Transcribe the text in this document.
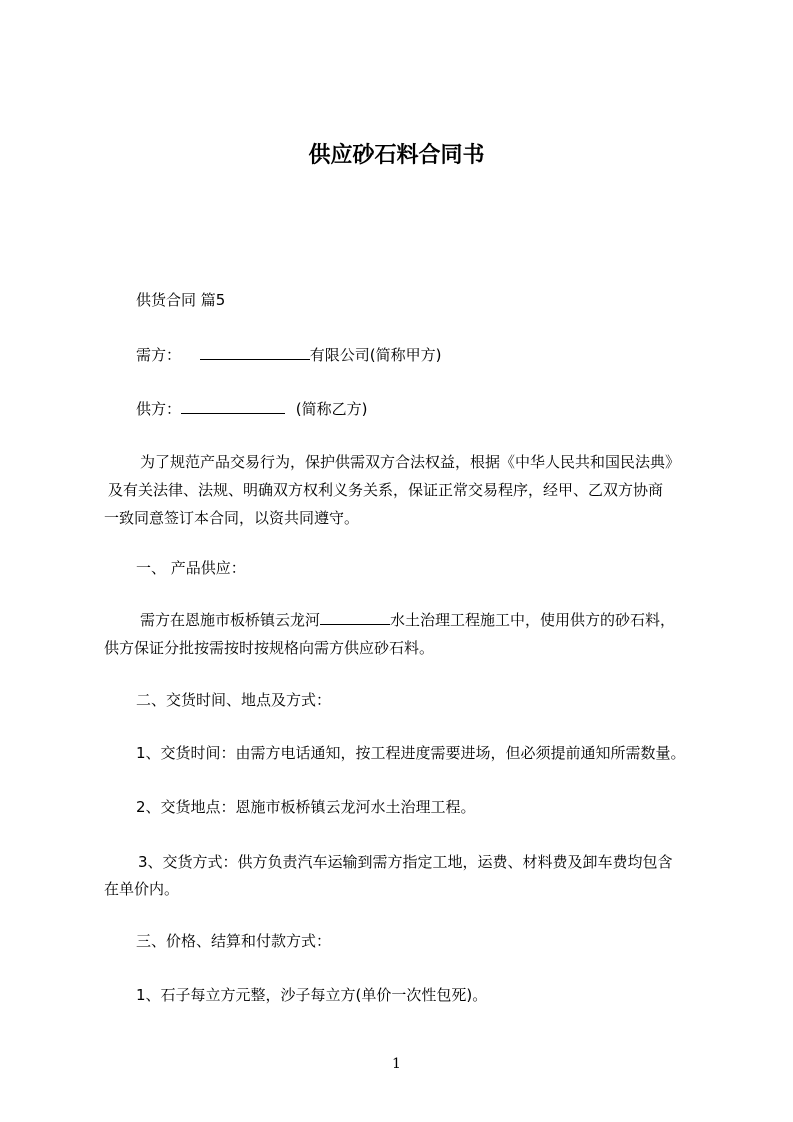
供应砂石料合同书
供货合同 篇5
需方：	有限公司(简称甲方)
供方：	(简称乙方)
为了规范产品交易行为，保护供需双方合法权益，根据《中华人民共和国民法典》
及有关法律、法规、明确双方权利义务关系，保证正常交易程序，经甲、乙双方协商
一致同意签订本合同，以资共同遵守。
一、 产品供应：
需方在恩施市板桥镇云龙河	水土治理工程施工中，使用供方的砂石料，
供方保证分批按需按时按规格向需方供应砂石料。
二、交货时间、地点及方式：
1、交货时间：由需方电话通知，按工程进度需要进场，但必须提前通知所需数量。
2、交货地点：恩施市板桥镇云龙河水土治理工程。
3、交货方式：供方负责汽车运输到需方指定工地，运费、材料费及卸车费均包含
在单价内。
三、价格、结算和付款方式：
1、石子每立方元整，沙子每立方(单价一次性包死)。
1
